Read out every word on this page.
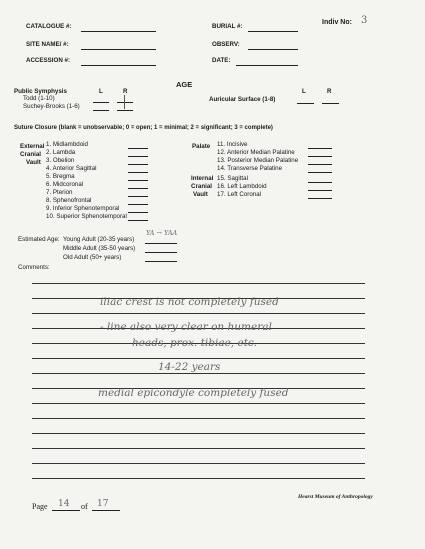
CATALOGUE #:	BURIAL #:
Indiv No: 3
SITE NAME/ #:	OBSERV:
ACCESSION #:	DATE:
AGE
Public Symphysis
Todd (1-10)
Suchey-Brooks (1-6)
L	R
Auricular Surface (1-8)
L	R
Suture Closure (blank = unobservable; 0 = open; 1 = minimal; 2 = significant; 3 = complete)
External
Cranial
Vault
1. Midlambdoid
2. Lambda
3. Obelion
4. Anterior Sagittal
5. Bregma
6. Midcoronal
7. Pterion
8. Sphenofrontal
9. Inferior Sphenotemporal
10. Superior Sphenotemporal
Palate 11. Incisive
12. Anterior Median Palatine
13. Posterior Median Palatine
14. Transverse Palatine
Internal
Cranial
Vault
15. Sagittal
16. Left Lambdoid
17. Left Coronal
Estimated Age: Young Adult (20-35 years)
Middle Adult (35-50 years)
Old Adult (50+ years)
YA → YAA
Comments:
iliac crest is not completely fused
- line also very clear on humeral
heads, prox. tibiae, etc.
14-22 years
medial epicondyle completely fused
Page 14 of 17
Hearst Museum of Anthropology
